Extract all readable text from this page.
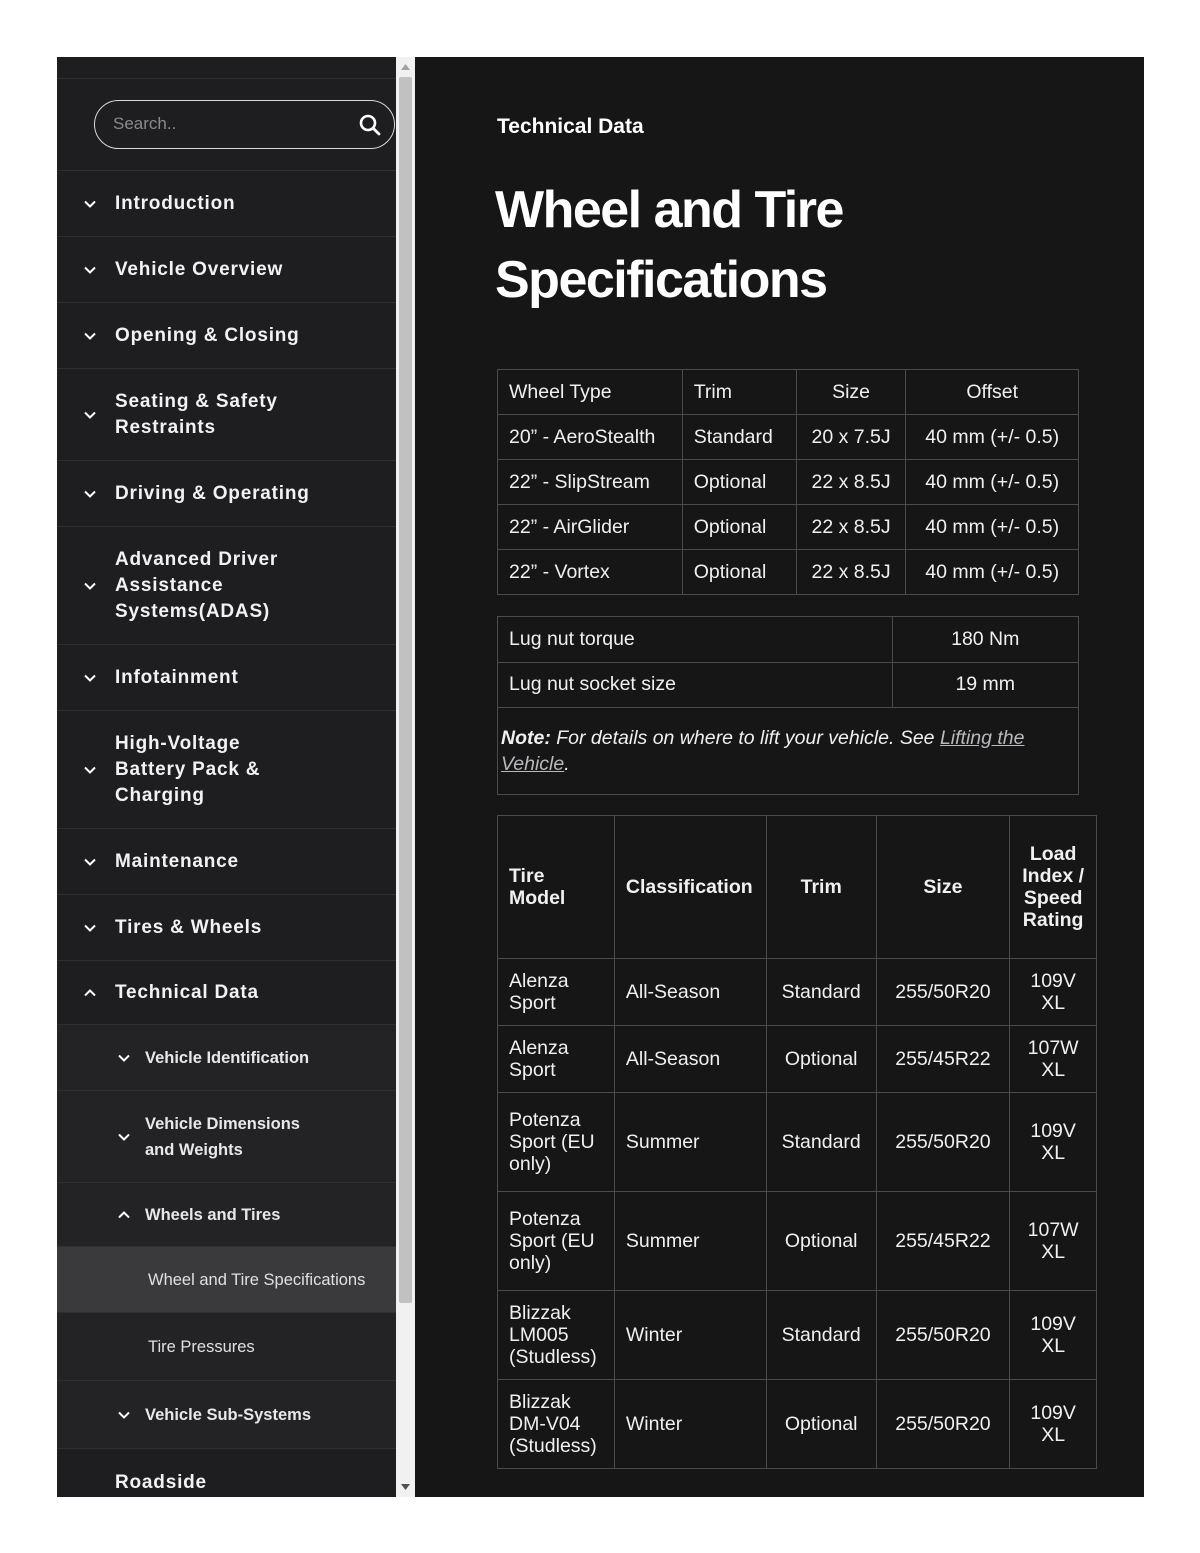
Search..
Introduction
Vehicle Overview
Opening & Closing
Seating & Safety Restraints
Driving & Operating
Advanced Driver Assistance Systems(ADAS)
Infotainment
High-Voltage Battery Pack & Charging
Maintenance
Tires & Wheels
Technical Data
Vehicle Identification
Vehicle Dimensions and Weights
Wheels and Tires
Wheel and Tire Specifications
Tire Pressures
Vehicle Sub-Systems
Roadside
Technical Data
Wheel and Tire Specifications
Wheel Type	Trim	Size	Offset
20” - AeroStealth	Standard	20 x 7.5J	40 mm (+/- 0.5)
22” - SlipStream	Optional	22 x 8.5J	40 mm (+/- 0.5)
22” - AirGlider	Optional	22 x 8.5J	40 mm (+/- 0.5)
22” - Vortex	Optional	22 x 8.5J	40 mm (+/- 0.5)
Lug nut torque	180 Nm
Lug nut socket size	19 mm

Note: For details on where to lift your vehicle. See Lifting the Vehicle.

Tire Model	Classification	Trim	Size	Load Index / Speed Rating
Alenza Sport	All-Season	Standard	255/50R20	109V XL
Alenza Sport	All-Season	Optional	255/45R22	107W XL
Potenza Sport (EU only)	Summer	Standard	255/50R20	109V XL
Potenza Sport (EU only)	Summer	Optional	255/45R22	107W XL
Blizzak LM005 (Studless)	Winter	Standard	255/50R20	109V XL
Blizzak DM-V04 (Studless)	Winter	Optional	255/50R20	109V XL
